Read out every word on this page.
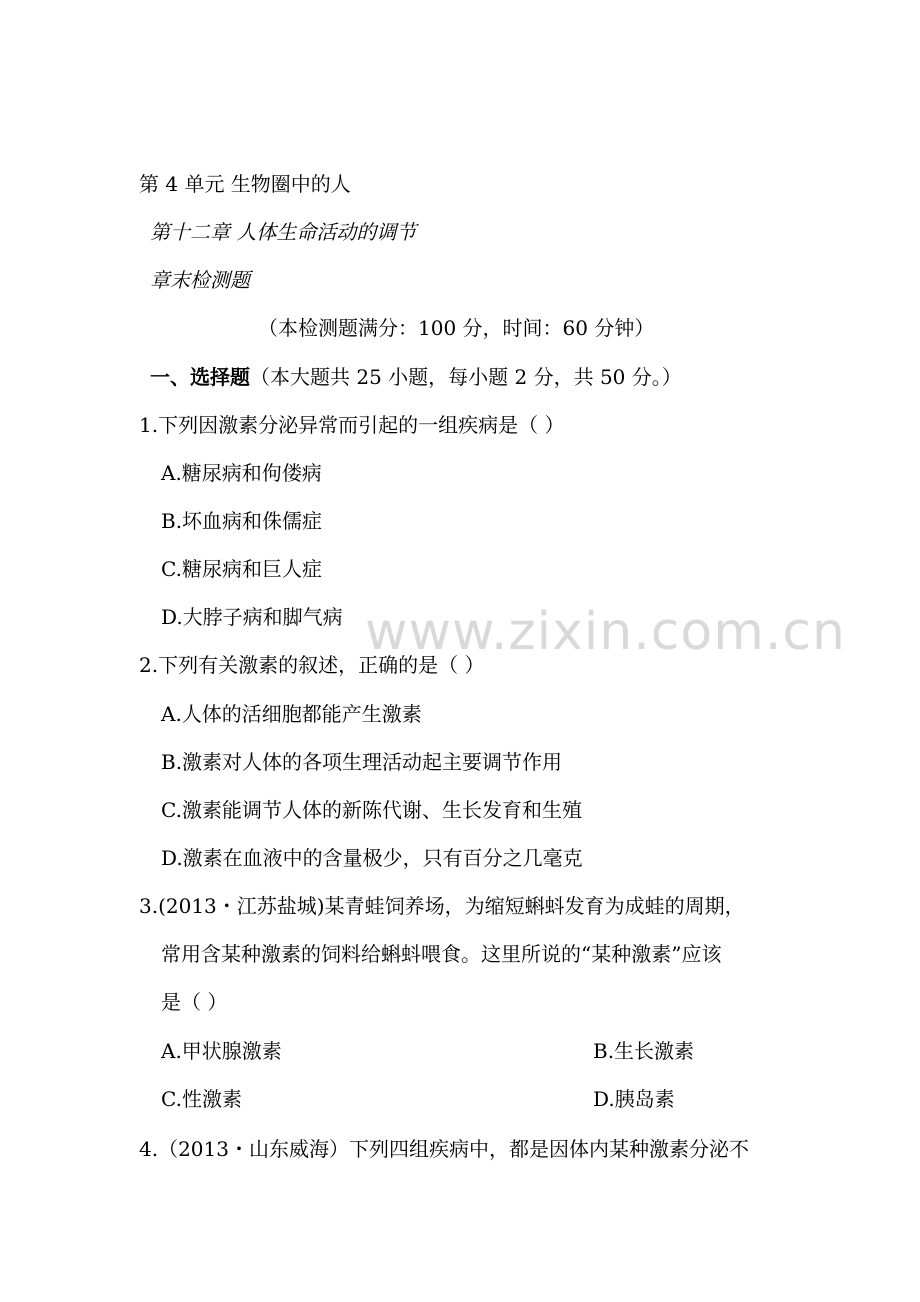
第 4 单元 生物圈中的人
第十二章 人体生命活动的调节
章末检测题
（本检测题满分：100 分，时间：60 分钟）
一、选择题（本大题共 25 小题，每小题 2 分，共 50 分。）
1.下列因激素分泌异常而引起的一组疾病是（ ）
A.糖尿病和佝偻病
B.坏血病和侏儒症
C.糖尿病和巨人症
D.大脖子病和脚气病
2.下列有关激素的叙述，正确的是（ ）
A.人体的活细胞都能产生激素
B.激素对人体的各项生理活动起主要调节作用
C.激素能调节人体的新陈代谢、生长发育和生殖
D.激素在血液中的含量极少，只有百分之几毫克
3.(2013・江苏盐城)某青蛙饲养场，为缩短蝌蚪发育为成蛙的周期，
常用含某种激素的饲料给蝌蚪喂食。这里所说的“某种激素”应该
是（ ）
A.甲状腺激素	B.生长激素
C.性激素	D.胰岛素
4.（2013・山东威海）下列四组疾病中，都是因体内某种激素分泌不
www.zixin.com.cn
